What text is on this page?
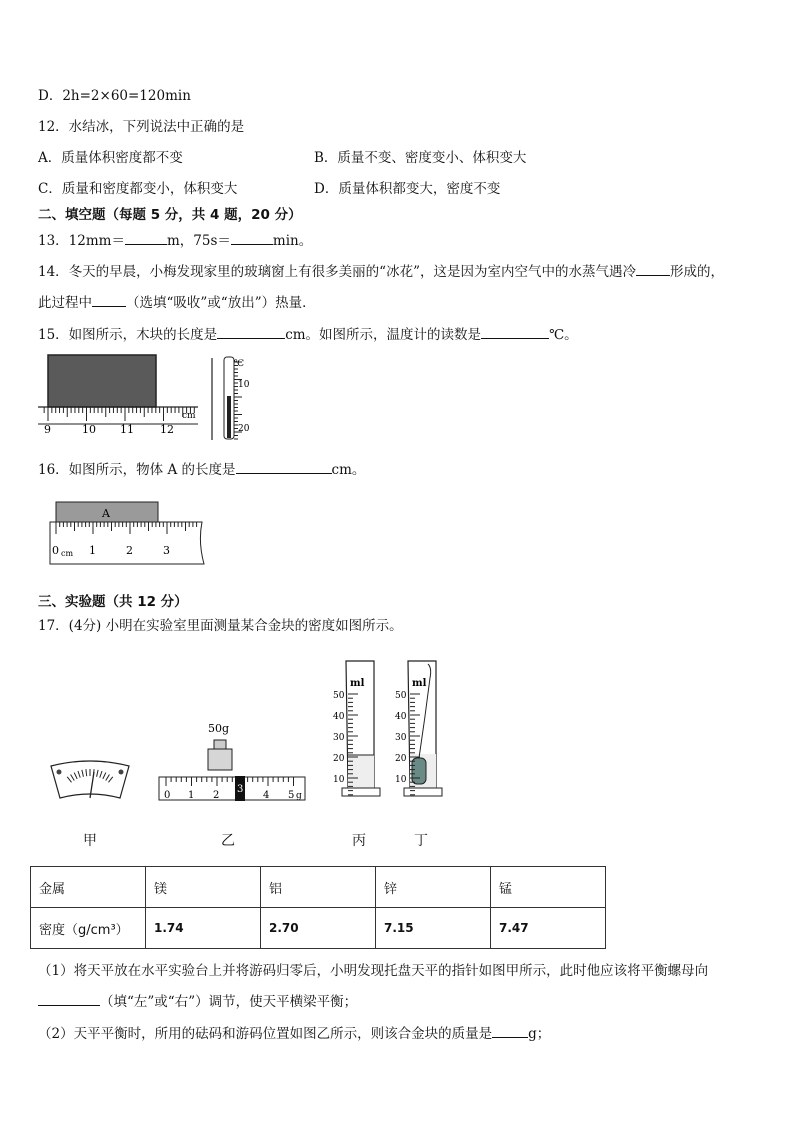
D．2h=2×60=120min
12．水结冰，下列说法中正确的是
A．质量体积密度都不变	B．质量不变、密度变小、体积变大
C．质量和密度都变小，体积变大	D．质量体积都变大，密度不变
二、填空题（每题 5 分，共 4 题，20 分）
13．12mm＝	m，75s＝	min。
14．冬天的早晨，小梅发现家里的玻璃窗上有很多美丽的“冰花”，这是因为室内空气中的水蒸气遇冷	形成的，
此过程中	（选填“吸收”或“放出”）热量．
15．如图所示，木块的长度是	cm。如图所示，温度计的读数是	℃。
9	10 11 12
cm
℃
10
20
16．如图所示，物体 A 的长度是	cm。
A
0 cm 1	2	3
三、实验题（共 12 分）
17．(4分) 小明在实验室里面测量某合金块的密度如图所示。
50g
0 1 2	4 5 g
3
ml
50
40
30
20
10
ml
50
40
30
20
10
甲	乙	丙	丁
金属	镁	铝	锌	锰
密度（g/cm³）	1.74	2.70	7.15	7.47
（1）将天平放在水平实验台上并将游码归零后，小明发现托盘天平的指针如图甲所示，此时他应该将平衡螺母向
（填“左”或“右”）调节，使天平横梁平衡；
（2）天平平衡时，所用的砝码和游码位置如图乙所示，则该合金块的质量是	g；
